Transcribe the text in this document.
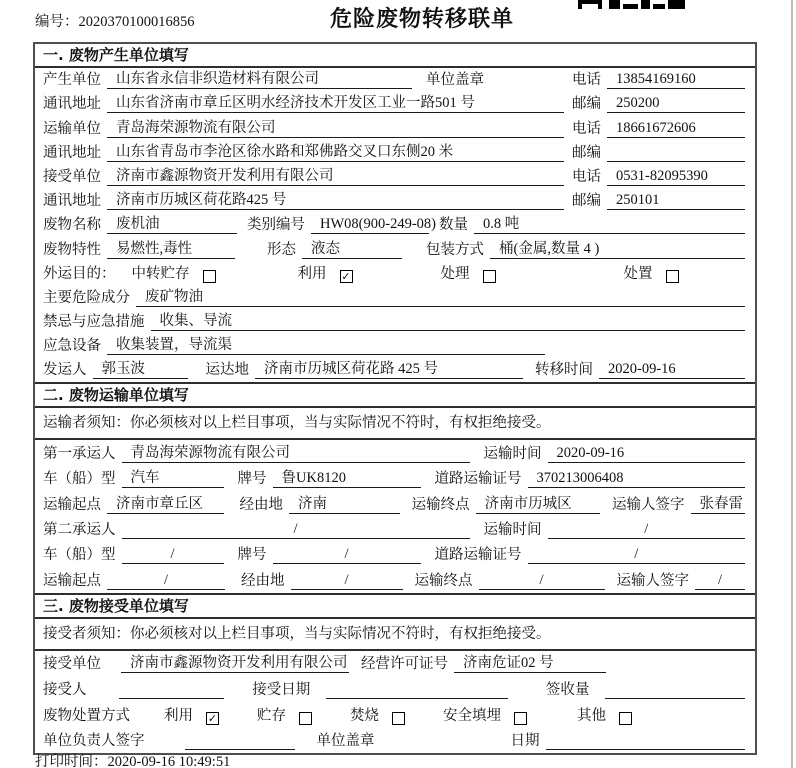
编号：2020370100016856	危险废物转移联单
一. 废物产生单位填写
产生单位	山东省永信非织造材料有限公司	单位盖章	电话	13854169160
通讯地址	山东省济南市章丘区明水经济技术开发区工业一路501 号	邮编	250200
运输单位	青岛海荣源物流有限公司	电话	18661672606
通讯地址	山东省青岛市李沧区徐水路和郑佛路交叉口东侧20 米	邮编
接受单位	济南市鑫源物资开发利用有限公司	电话	0531-82095390
通讯地址	济南市历城区荷花路425 号	邮编	250101
废物名称	废机油	类别编号	HW08(900-249-08) 数量	0.8 吨
废物特性	易燃性,毒性	形态	液态	包装方式	桶(金属,数量 4 )
外运目的： 中转贮存	利用 ✓	处理	处置
主要危险成分	废矿物油
禁忌与应急措施	收集、导流
应急设备	收集装置，导流渠
发运人	郭玉波	运达地	济南市历城区荷花路 425 号	转移时间	2020-09-16
二. 废物运输单位填写
运输者须知：你必须核对以上栏目事项，当与实际情况不符时，有权拒绝接受。
第一承运人	青岛海荣源物流有限公司	运输时间	2020-09-16
车（船）型	汽车	牌号	鲁UK8120	道路运输证号	370213006408
运输起点	济南市章丘区	经由地	济南	运输终点	济南市历城区	运输人签字	张春雷
第二承运人	/	运输时间	/
车（船）型	/	牌号	/	道路运输证号	/
运输起点	/	经由地	/	运输终点	/	运输人签字	/
三. 废物接受单位填写
接受者须知：你必须核对以上栏目事项，当与实际情况不符时，有权拒绝接受。
接受单位	济南市鑫源物资开发利用有限公司 经营许可证号	济南危证02 号
接受人	接受日期	签收量
废物处置方式 利用 ✓	贮存	焚烧	安全填埋	其他
单位负责人签字	单位盖章	日期
打印时间：2020-09-16 10:49:51
